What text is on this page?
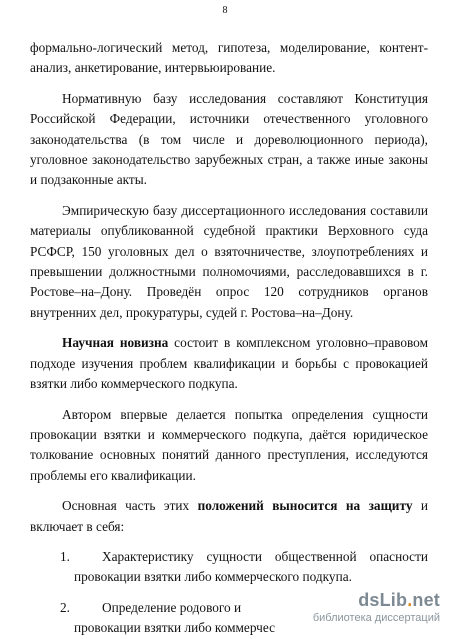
8

формально-логический метод, гипотеза, моделирование, контент-анализ, анкетирование, интервьюирование.

Нормативную базу исследования составляют Конституция Российской Федерации, источники отечественного уголовного законодательства (в том числе и дореволюционного периода), уголовное законодательство зарубежных стран, а также иные законы и подзаконные акты.

Эмпирическую базу диссертационного исследования составили материалы опубликованной судебной практики Верховного суда РСФСР, 150 уголовных дел о взяточничестве, злоупотреблениях и превышении должностными полномочиями, расследовавшихся в г. Ростове–на–Дону. Проведён опрос 120 сотрудников органов внутренних дел, прокуратуры, судей г. Ростова–на–Дону.

Научная новизна состоит в комплексном уголовно–правовом подходе изучения проблем квалификации и борьбы с провокацией взятки либо коммерческого подкупа.

Автором впервые делается попытка определения сущности провокации взятки и коммерческого подкупа, даётся юридическое толкование основных понятий данного преступления, исследуются проблемы его квалификации.

Основная часть этих положений выносится на защиту и включает в себя:

1.	Характеристику сущности общественной опасности
провокации взятки либо коммерческого подкупа.

2.	Определение родового и
провокации взятки либо коммерчес

dsLib.net
библиотека диссертаций
